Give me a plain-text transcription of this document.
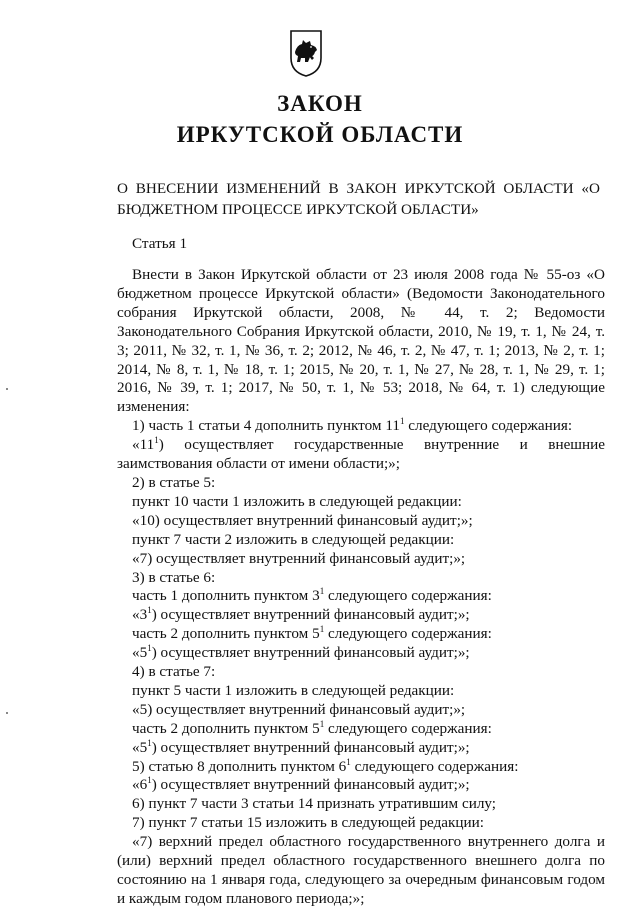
ЗАКОН
ИРКУТСКОЙ ОБЛАСТИ
О ВНЕСЕНИИ ИЗМЕНЕНИЙ В ЗАКОН ИРКУТСКОЙ ОБЛАСТИ «О БЮДЖЕТНОМ ПРОЦЕССЕ ИРКУТСКОЙ ОБЛАСТИ»
Статья 1

Внести в Закон Иркутской области от 23 июля 2008 года № 55-оз «О бюджетном процессе Иркутской области» (Ведомости Законодательного собрания Иркутской области, 2008, № 44, т. 2; Ведомости Законодательного Собрания Иркутской области, 2010, № 19, т. 1, № 24, т. 3; 2011, № 32, т. 1, № 36, т. 2; 2012, № 46, т. 2, № 47, т. 1; 2013, № 2, т. 1; 2014, № 8, т. 1, № 18, т. 1; 2015, № 20, т. 1, № 27, № 28, т. 1, № 29, т. 1; 2016, № 39, т. 1; 2017, № 50, т. 1, № 53; 2018, № 64, т. 1) следующие изменения:

1) часть 1 статьи 4 дополнить пунктом $11^1$ следующего содержания:

«$11^1$) осуществляет государственные внутренние и внешние заимствования области от имени области;»;

2) в статье 5:

пункт 10 части 1 изложить в следующей редакции:

«10) осуществляет внутренний финансовый аудит;»;

пункт 7 части 2 изложить в следующей редакции:

«7) осуществляет внутренний финансовый аудит;»;

3) в статье 6:

часть 1 дополнить пунктом $3^1$ следующего содержания:

«$3^1$) осуществляет внутренний финансовый аудит;»;

часть 2 дополнить пунктом $5^1$ следующего содержания:

«$5^1$) осуществляет внутренний финансовый аудит;»;

4) в статье 7:

пункт 5 части 1 изложить в следующей редакции:

«5) осуществляет внутренний финансовый аудит;»;

часть 2 дополнить пунктом $5^1$ следующего содержания:

«$5^1$) осуществляет внутренний финансовый аудит;»;

5) статью 8 дополнить пунктом $6^1$ следующего содержания:

«$6^1$) осуществляет внутренний финансовый аудит;»;

6) пункт 7 части 3 статьи 14 признать утратившим силу;

7) пункт 7 статьи 15 изложить в следующей редакции:

«7) верхний предел областного государственного внутреннего долга и (или) верхний предел областного государственного внешнего долга по состоянию на 1 января года, следующего за очередным финансовым годом и каждым годом планового периода;»;
